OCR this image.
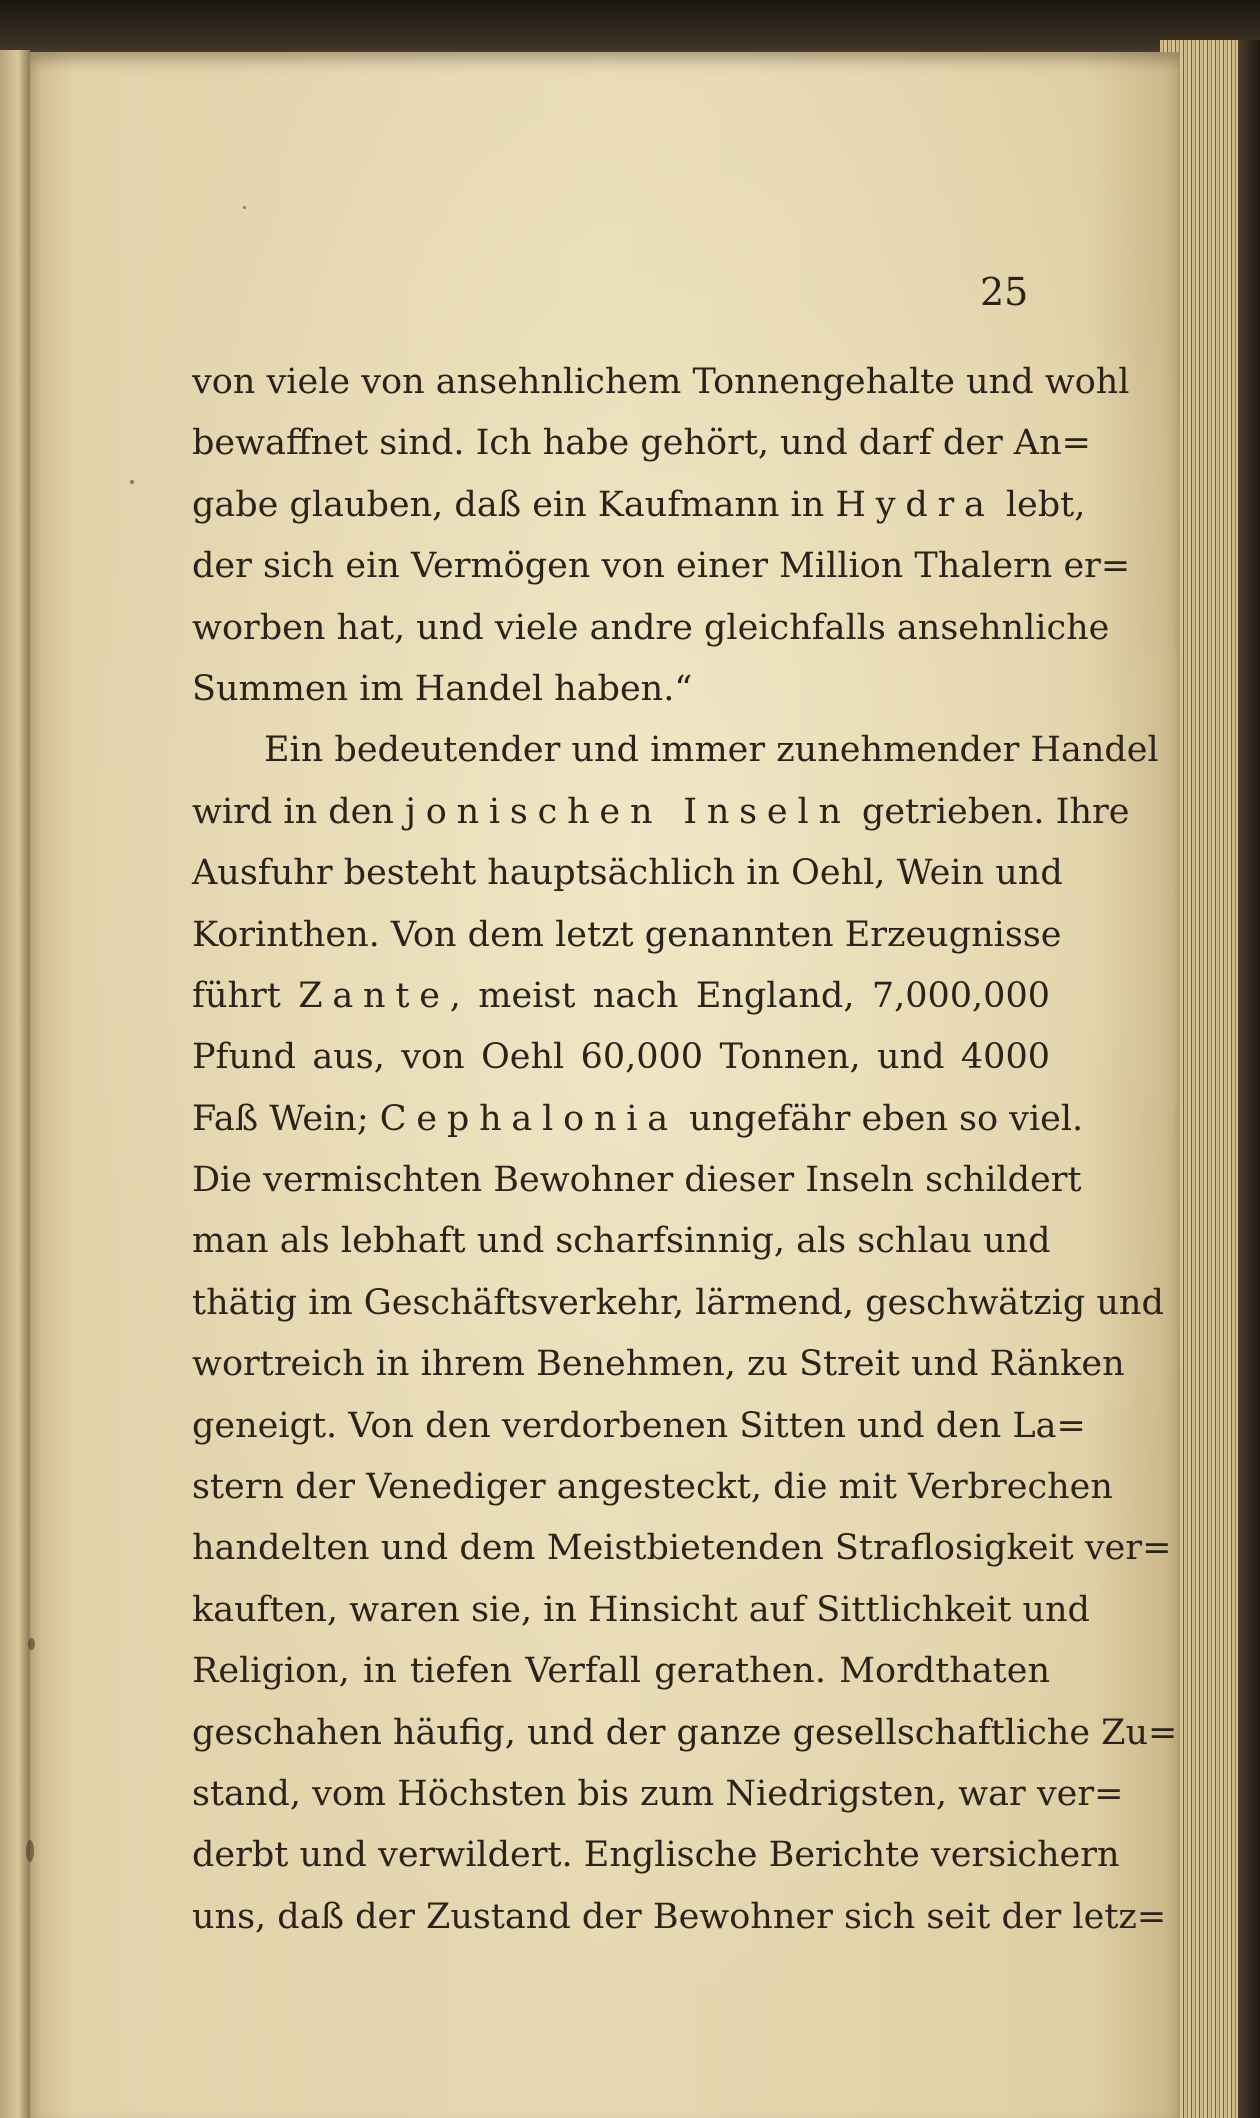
25
von viele von ansehnlichem Tonnengehalte und wohl
bewaffnet sind. Ich habe gehört, und darf der An=
gabe glauben, daß ein Kaufmann in Hydra lebt,
der sich ein Vermögen von einer Million Thalern er=
worben hat, und viele andre gleichfalls ansehnliche
Summen im Handel haben.“
Ein bedeutender und immer zunehmender Handel
wird in den jonischen Inseln getrieben. Ihre
Ausfuhr besteht hauptsächlich in Oehl, Wein und
Korinthen. Von dem letzt genannten Erzeugnisse
führt Zante, meist nach England, 7,000,000
Pfund aus, von Oehl 60,000 Tonnen, und 4000
Faß Wein; Cephalonia ungefähr eben so viel.
Die vermischten Bewohner dieser Inseln schildert
man als lebhaft und scharfsinnig, als schlau und
thätig im Geschäftsverkehr, lärmend, geschwätzig und
wortreich in ihrem Benehmen, zu Streit und Ränken
geneigt. Von den verdorbenen Sitten und den La=
stern der Venediger angesteckt, die mit Verbrechen
handelten und dem Meistbietenden Straflosigkeit ver=
kauften, waren sie, in Hinsicht auf Sittlichkeit und
Religion, in tiefen Verfall gerathen. Mordthaten
geschahen häufig, und der ganze gesellschaftliche Zu=
stand, vom Höchsten bis zum Niedrigsten, war ver=
derbt und verwildert. Englische Berichte versichern
uns, daß der Zustand der Bewohner sich seit der letz=
